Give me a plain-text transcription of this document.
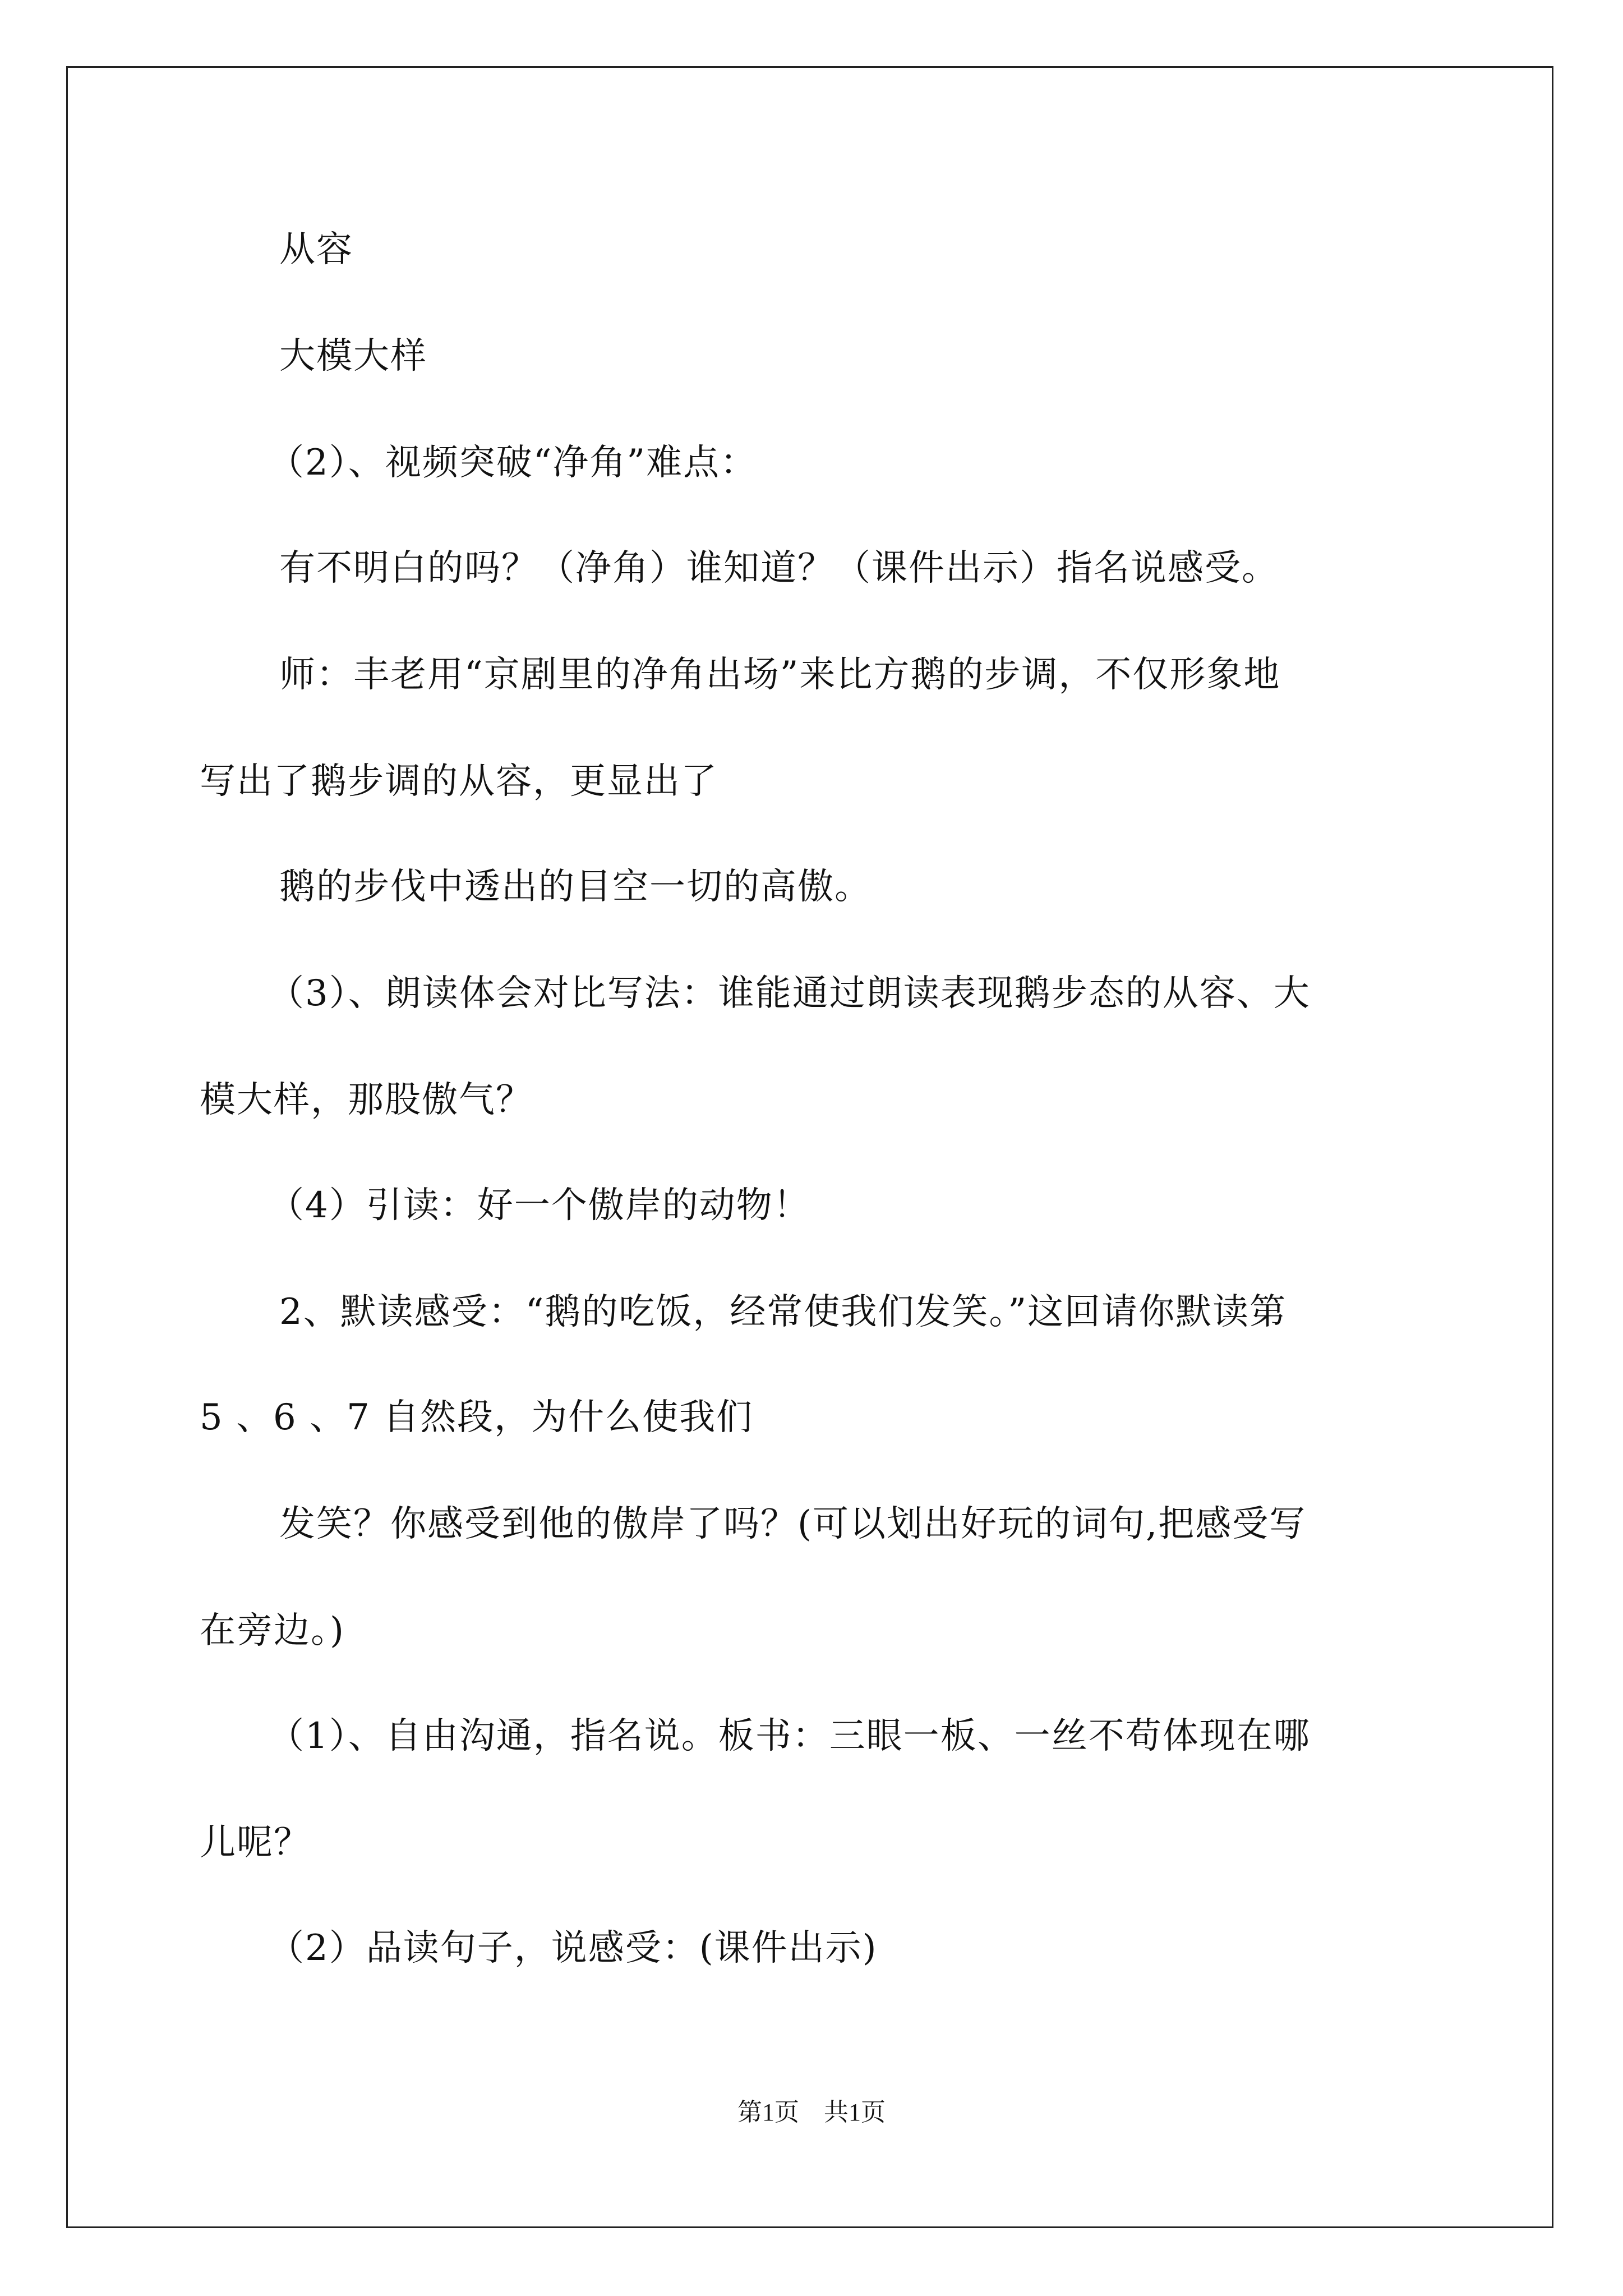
从容
大模大样
（2）、视频突破“净角”难点：
有不明白的吗？（净角）谁知道？（课件出示）指名说感受。
师：丰老用“京剧里的净角出场”来比方鹅的步调，不仅形象地
写出了鹅步调的从容，更显出了
鹅的步伐中透出的目空一切的高傲。
（3）、朗读体会对比写法：谁能通过朗读表现鹅步态的从容、大
模大样，那股傲气？
（4）引读：好一个傲岸的动物！
2、默读感受：“鹅的吃饭，经常使我们发笑。”这回请你默读第
5 、6 、7 自然段，为什么使我们
发笑？你感受到他的傲岸了吗？(可以划出好玩的词句,把感受写
在旁边。)
（1）、自由沟通，指名说。板书：三眼一板、一丝不苟体现在哪
儿呢？
（2）品读句子，说感受：(课件出示)
第1页　共1页
